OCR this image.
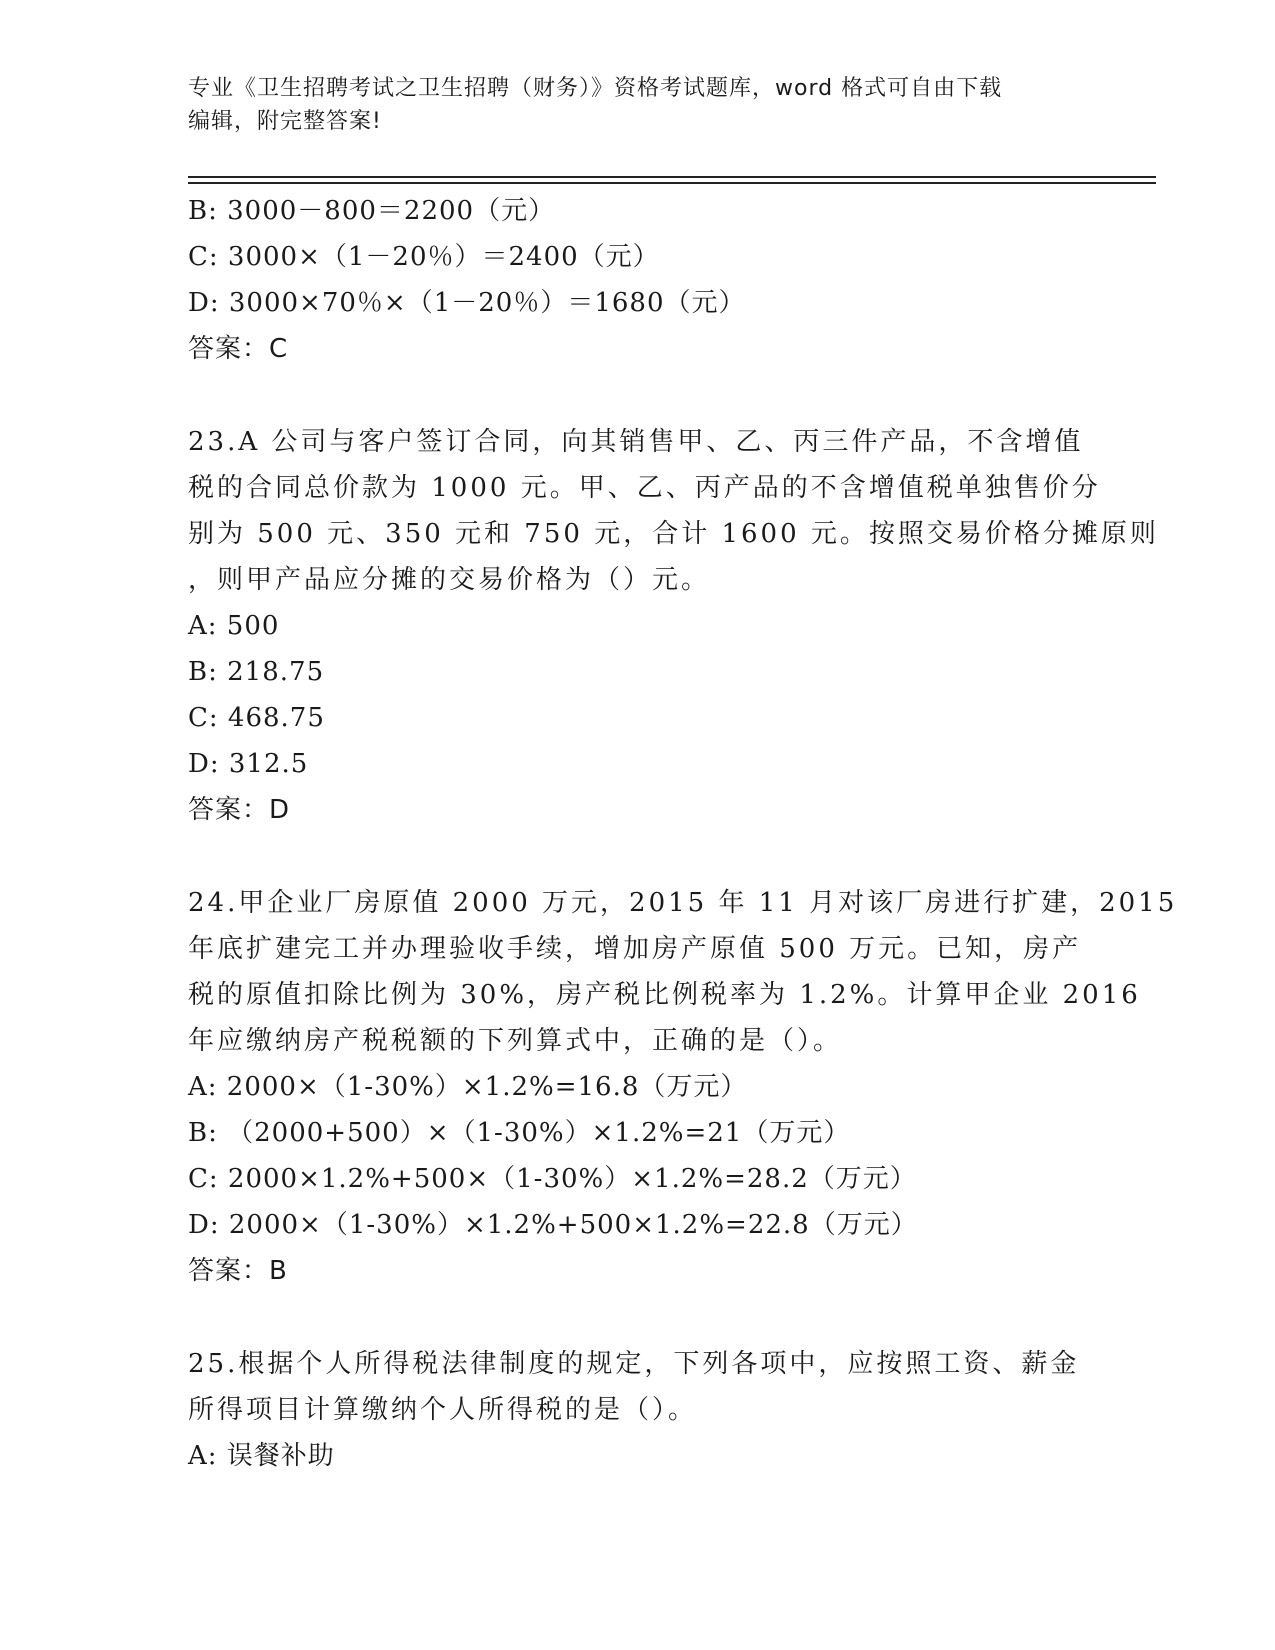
专业《卫生招聘考试之卫生招聘（财务）》资格考试题库，word 格式可自由下载
编辑，附完整答案!
B: 3000－800＝2200（元）
C: 3000×（1－20％）＝2400（元）
D: 3000×70％×（1－20％）＝1680（元）
答案：C
23.A 公司与客户签订合同，向其销售甲、乙、丙三件产品，不含增值
税的合同总价款为 1000 元。甲、乙、丙产品的不含增值税单独售价分
别为 500 元、350 元和 750 元，合计 1600 元。按照交易价格分摊原则
，则甲产品应分摊的交易价格为（）元。
A: 500
B: 218.75
C: 468.75
D: 312.5
答案：D
24.甲企业厂房原值 2000 万元，2015 年 11 月对该厂房进行扩建，2015
年底扩建完工并办理验收手续，增加房产原值 500 万元。已知，房产
税的原值扣除比例为 30%，房产税比例税率为 1.2%。计算甲企业 2016
年应缴纳房产税税额的下列算式中，正确的是（）。
A: 2000×（1-30%）×1.2%=16.8（万元）
B: （2000+500）×（1-30%）×1.2%=21（万元）
C: 2000×1.2%+500×（1-30%）×1.2%=28.2（万元）
D: 2000×（1-30%）×1.2%+500×1.2%=22.8（万元）
答案：B
25.根据个人所得税法律制度的规定，下列各项中，应按照工资、薪金
所得项目计算缴纳个人所得税的是（）。
A: 误餐补助
